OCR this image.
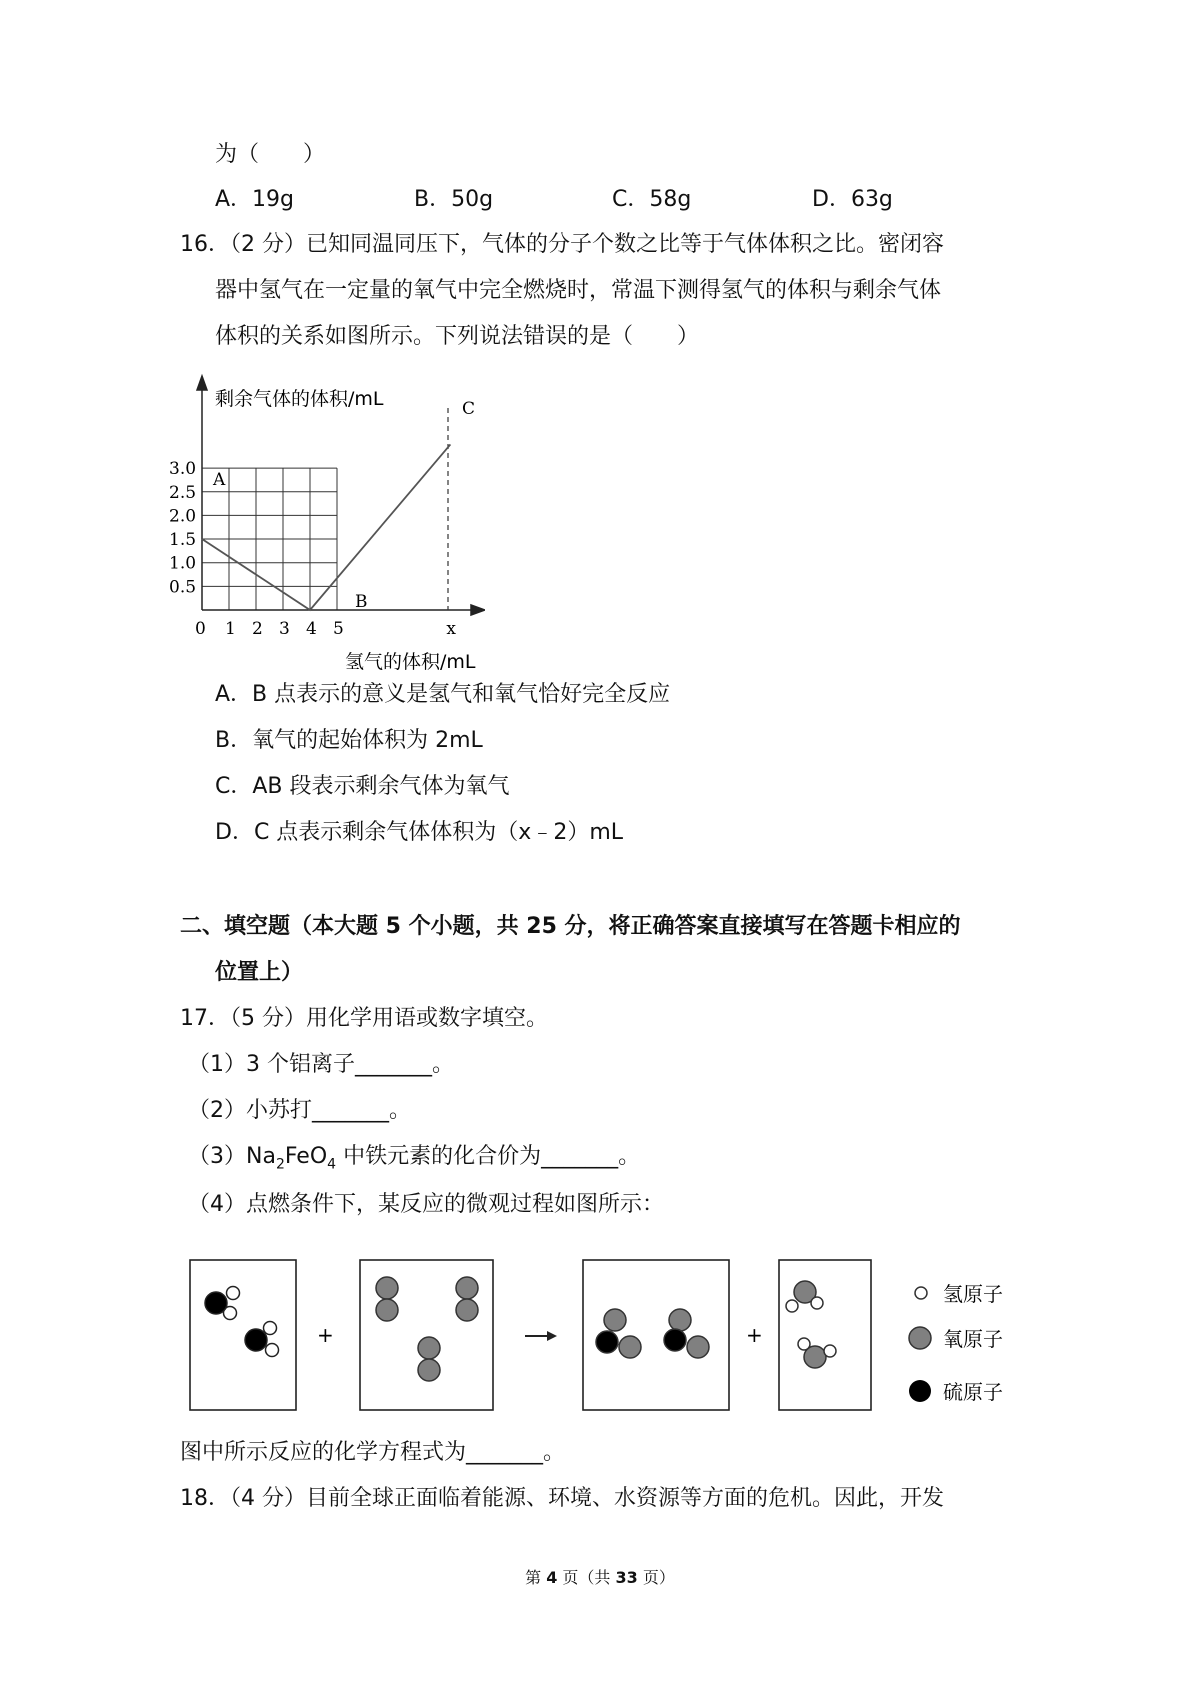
为（　　）
A．19g	B．50g	C．58g	D．63g
16．（2 分）已知同温同压下，气体的分子个数之比等于气体体积之比。密闭容
器中氢气在一定量的氧气中完全燃烧时，常温下测得氢气的体积与剩余气体
体积的关系如图所示。下列说法错误的是（　　）
剩余气体的体积/mL
氢气的体积/mL
0.5
1.0
1.5
2.0
2.5
3.0
0 1 2 3 4 5	x
A
B
C
A．B 点表示的意义是氢气和氧气恰好完全反应
B．氧气的起始体积为 2mL
C．AB 段表示剩余气体为氧气
D．C 点表示剩余气体体积为（x﹣2）mL
二、填空题（本大题 5 个小题，共 25 分，将正确答案直接填写在答题卡相应的
位置上）
17．（5 分）用化学用语或数字填空。
（1）3 个铝离子_______。
（2）小苏打_______。
$(3)Na_2FeO_4$ 中铁元素的化合价为_______。
（4）点燃条件下，某反应的微观过程如图所示：
+	+
氢原子
氧原子
硫原子
图中所示反应的化学方程式为_______。
18．（4 分）目前全球正面临着能源、环境、水资源等方面的危机。因此，开发
第 4 页（共 33 页）
